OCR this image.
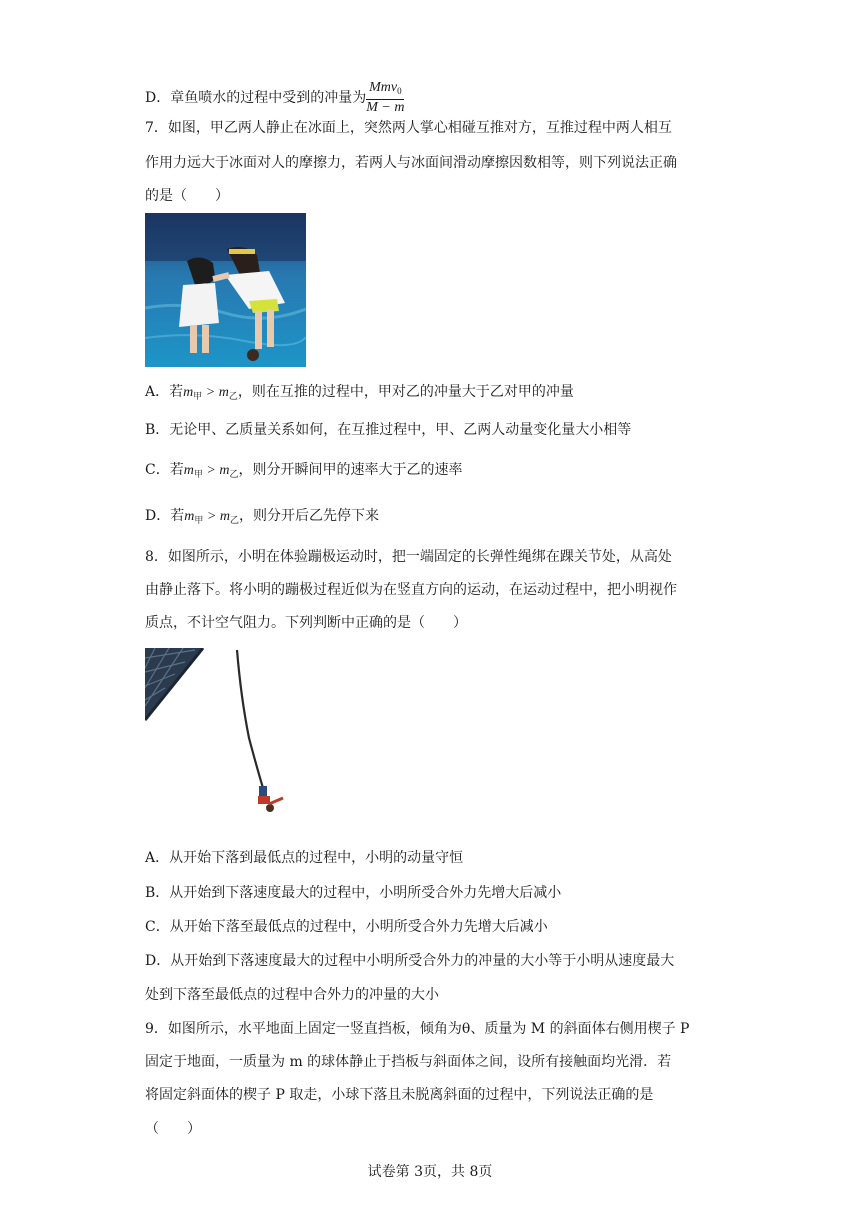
D．章鱼喷水的过程中受到的冲量为 $\frac{Mmv_0}{M - m}$
7．如图，甲乙两人静止在冰面上，突然两人掌心相碰互推对方，互推过程中两人相互
作用力远大于冰面对人的摩擦力，若两人与冰面间滑动摩擦因数相等，则下列说法正确
的是（　　）
A．若$m_甲 > m_乙$，则在互推的过程中，甲对乙的冲量大于乙对甲的冲量
B．无论甲、乙质量关系如何，在互推过程中，甲、乙两人动量变化量大小相等
C．若$m_甲 > m_乙$，则分开瞬间甲的速率大于乙的速率
D．若$m_甲 > m_乙$，则分开后乙先停下来
8．如图所示，小明在体验蹦极运动时，把一端固定的长弹性绳绑在踝关节处，从高处
由静止落下。将小明的蹦极过程近似为在竖直方向的运动，在运动过程中，把小明视作
质点，不计空气阻力。下列判断中正确的是（　　）
A．从开始下落到最低点的过程中，小明的动量守恒
B．从开始到下落速度最大的过程中，小明所受合外力先增大后减小
C．从开始下落至最低点的过程中，小明所受合外力先增大后减小
D．从开始到下落速度最大的过程中小明所受合外力的冲量的大小等于小明从速度最大
处到下落至最低点的过程中合外力的冲量的大小
9．如图所示，水平地面上固定一竖直挡板，倾角为θ、质量为 M 的斜面体右侧用楔子 P
固定于地面，一质量为 m 的球体静止于挡板与斜面体之间，设所有接触面均光滑．若
将固定斜面体的楔子 P 取走，小球下落且未脱离斜面的过程中，下列说法正确的是
（　　）
试卷第 3页，共 8页
